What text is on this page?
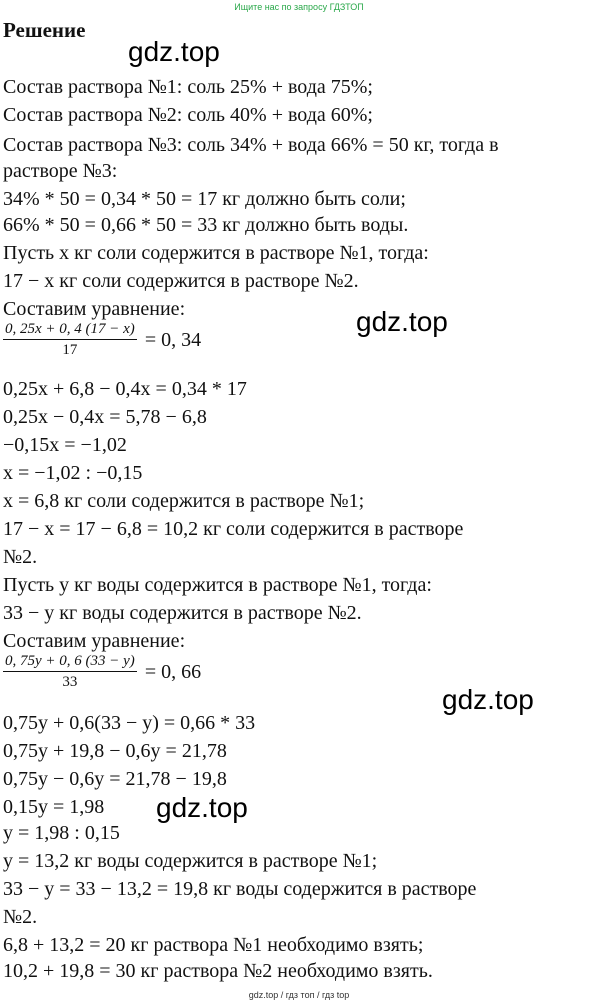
Ищите нас по запросу ГДЗТОП
Решение
gdz.top
Состав раствора №1: соль 25% + вода 75%;
Состав раствора №2: соль 40% + вода 60%;
Состав раствора №3: соль 34% + вода 66% = 50 кг, тогда в
растворе №3:
34% * 50 = 0,34 * 50 = 17 кг должно быть соли;
66% * 50 = 0,66 * 50 = 33 кг должно быть воды.
Пусть х кг соли содержится в растворе №1, тогда:
17 − х кг соли содержится в растворе №2.
Составим уравнение:	gdz.top
$\frac{0, 25x + 0, 4 (17 - x)}{17} = 0$, 34
0,25x + 6,8 − 0,4x = 0,34 * 17
0,25x − 0,4x = 5,78 − 6,8
−0,15x = −1,02
x = −1,02 : −0,15
x = 6,8 кг соли содержится в растворе №1;
17 − x = 17 − 6,8 = 10,2 кг соли содержится в растворе
№2.
Пусть у кг воды содержится в растворе №1, тогда:
33 − у кг воды содержится в растворе №2.
Составим уравнение:
$\frac{0, 75y + 0, 6 (33 - y)}{33} = 0$, 66
gdz.top
0,75y + 0,6(33 − y) = 0,66 * 33
0,75y + 19,8 − 0,6y = 21,78
0,75y − 0,6y = 21,78 − 19,8
0,15y = 1,98 gdz.top
y = 1,98 : 0,15
y = 13,2 кг воды содержится в растворе №1;
33 − y = 33 − 13,2 = 19,8 кг воды содержится в растворе
№2.
6,8 + 13,2 = 20 кг раствора №1 необходимо взять;
10,2 + 19,8 = 30 кг раствора №2 необходимо взять.
gdz.top / гдз топ / гдз top
